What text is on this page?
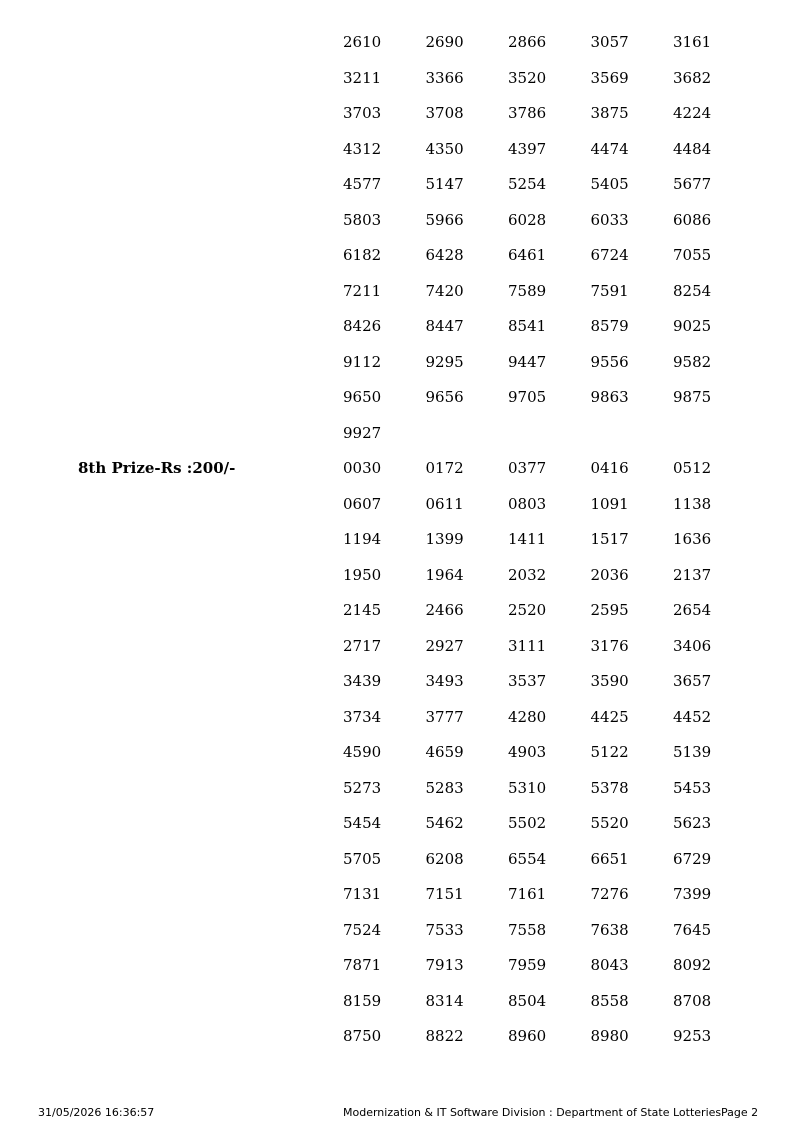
2610	2690	2866	3057	3161
3211	3366	3520	3569	3682
3703	3708	3786	3875	4224
4312	4350	4397	4474	4484
4577	5147	5254	5405	5677
5803	5966	6028	6033	6086
6182	6428	6461	6724	7055
7211	7420	7589	7591	8254
8426	8447	8541	8579	9025
9112	9295	9447	9556	9582
9650	9656	9705	9863	9875
9927
8th Prize-Rs :200/-	0030	0172	0377	0416	0512
0607	0611	0803	1091	1138
1194	1399	1411	1517	1636
1950	1964	2032	2036	2137
2145	2466	2520	2595	2654
2717	2927	3111	3176	3406
3439	3493	3537	3590	3657
3734	3777	4280	4425	4452
4590	4659	4903	5122	5139
5273	5283	5310	5378	5453
5454	5462	5502	5520	5623
5705	6208	6554	6651	6729
7131	7151	7161	7276	7399
7524	7533	7558	7638	7645
7871	7913	7959	8043	8092
8159	8314	8504	8558	8708
8750	8822	8960	8980	9253
31/05/2026 16:36:57	Modernization & IT Software Division : Department of State Lotteries Page 2
